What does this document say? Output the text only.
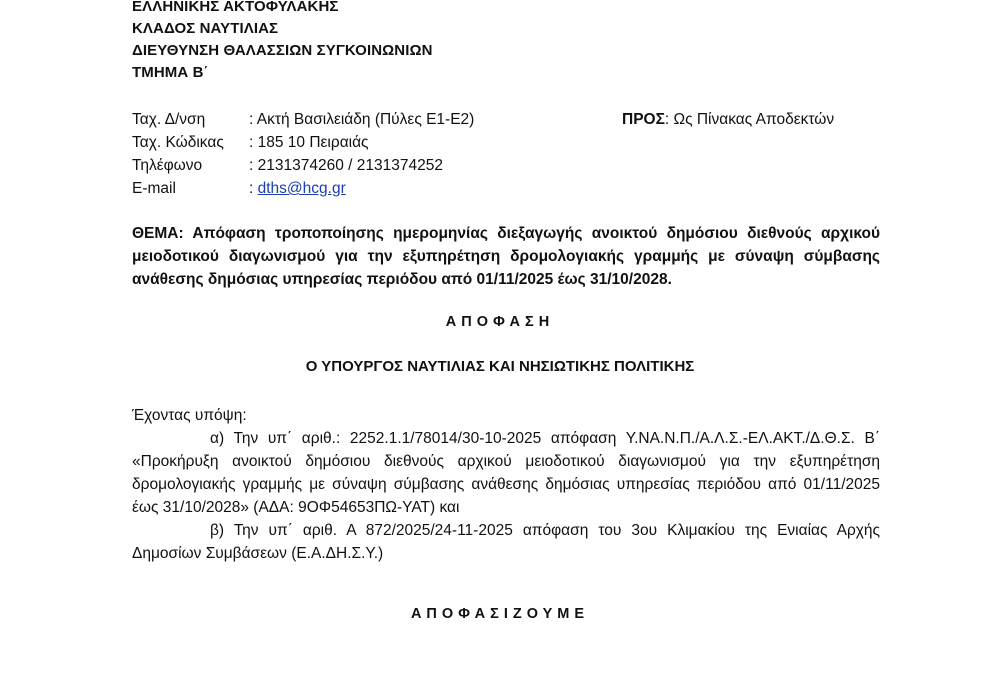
ΕΛΛΗΝΙΚΗΣ ΑΚΤΟΦΥΛΑΚΗΣ
ΚΛΑΔΟΣ ΝΑΥΤΙΛΙΑΣ
ΔΙΕΥΘΥΝΣΗ ΘΑΛΑΣΣΙΩΝ ΣΥΓΚΟΙΝΩΝΙΩΝ
ΤΜΗΜΑ Β΄
Ταχ. Δ/νση	: Ακτή Βασιλειάδη (Πύλες Ε1-Ε2)
Ταχ. Κώδικας	: 185 10 Πειραιάς
Τηλέφωνο	: 2131374260 / 2131374252
E-mail	: dths@hcg.gr
ΠΡΟΣ: Ως Πίνακας Αποδεκτών
ΘΕΜΑ: Απόφαση τροποποίησης ημερομηνίας διεξαγωγής ανοικτού δημόσιου διεθνούς αρχικού μειοδοτικού διαγωνισμού για την εξυπηρέτηση δρομολογιακής γραμμής με σύναψη σύμβασης ανάθεσης δημόσιας υπηρεσίας περιόδου από 01/11/2025 έως 31/10/2028.
ΑΠΟΦΑΣΗ
Ο ΥΠΟΥΡΓΟΣ ΝΑΥΤΙΛΙΑΣ ΚΑΙ ΝΗΣΙΩΤΙΚΗΣ ΠΟΛΙΤΙΚΗΣ

Έχοντας υπόψη:

α) Την υπ΄ αριθ.: 2252.1.1/78014/30-10-2025 απόφαση Υ.ΝΑ.Ν.Π./Α.Λ.Σ.-ΕΛ.ΑΚΤ./Δ.Θ.Σ. Β΄ «Προκήρυξη ανοικτού δημόσιου διεθνούς αρχικού μειοδοτικού διαγωνισμού για την εξυπηρέτηση δρομολογιακής γραμμής με σύναψη σύμβασης ανάθεσης δημόσιας υπηρεσίας περιόδου από 01/11/2025 έως 31/10/2028» (ΑΔΑ: 9ΟΦ54653ΠΩ-ΥΑΤ) και

β) Την υπ΄ αριθ. Α 872/2025/24-11-2025 απόφαση του 3ου Κλιμακίου της Ενιαίας Αρχής Δημοσίων Συμβάσεων (Ε.Α.ΔΗ.Σ.Υ.)

ΑΠΟΦΑΣΙΖΟΥΜΕ
